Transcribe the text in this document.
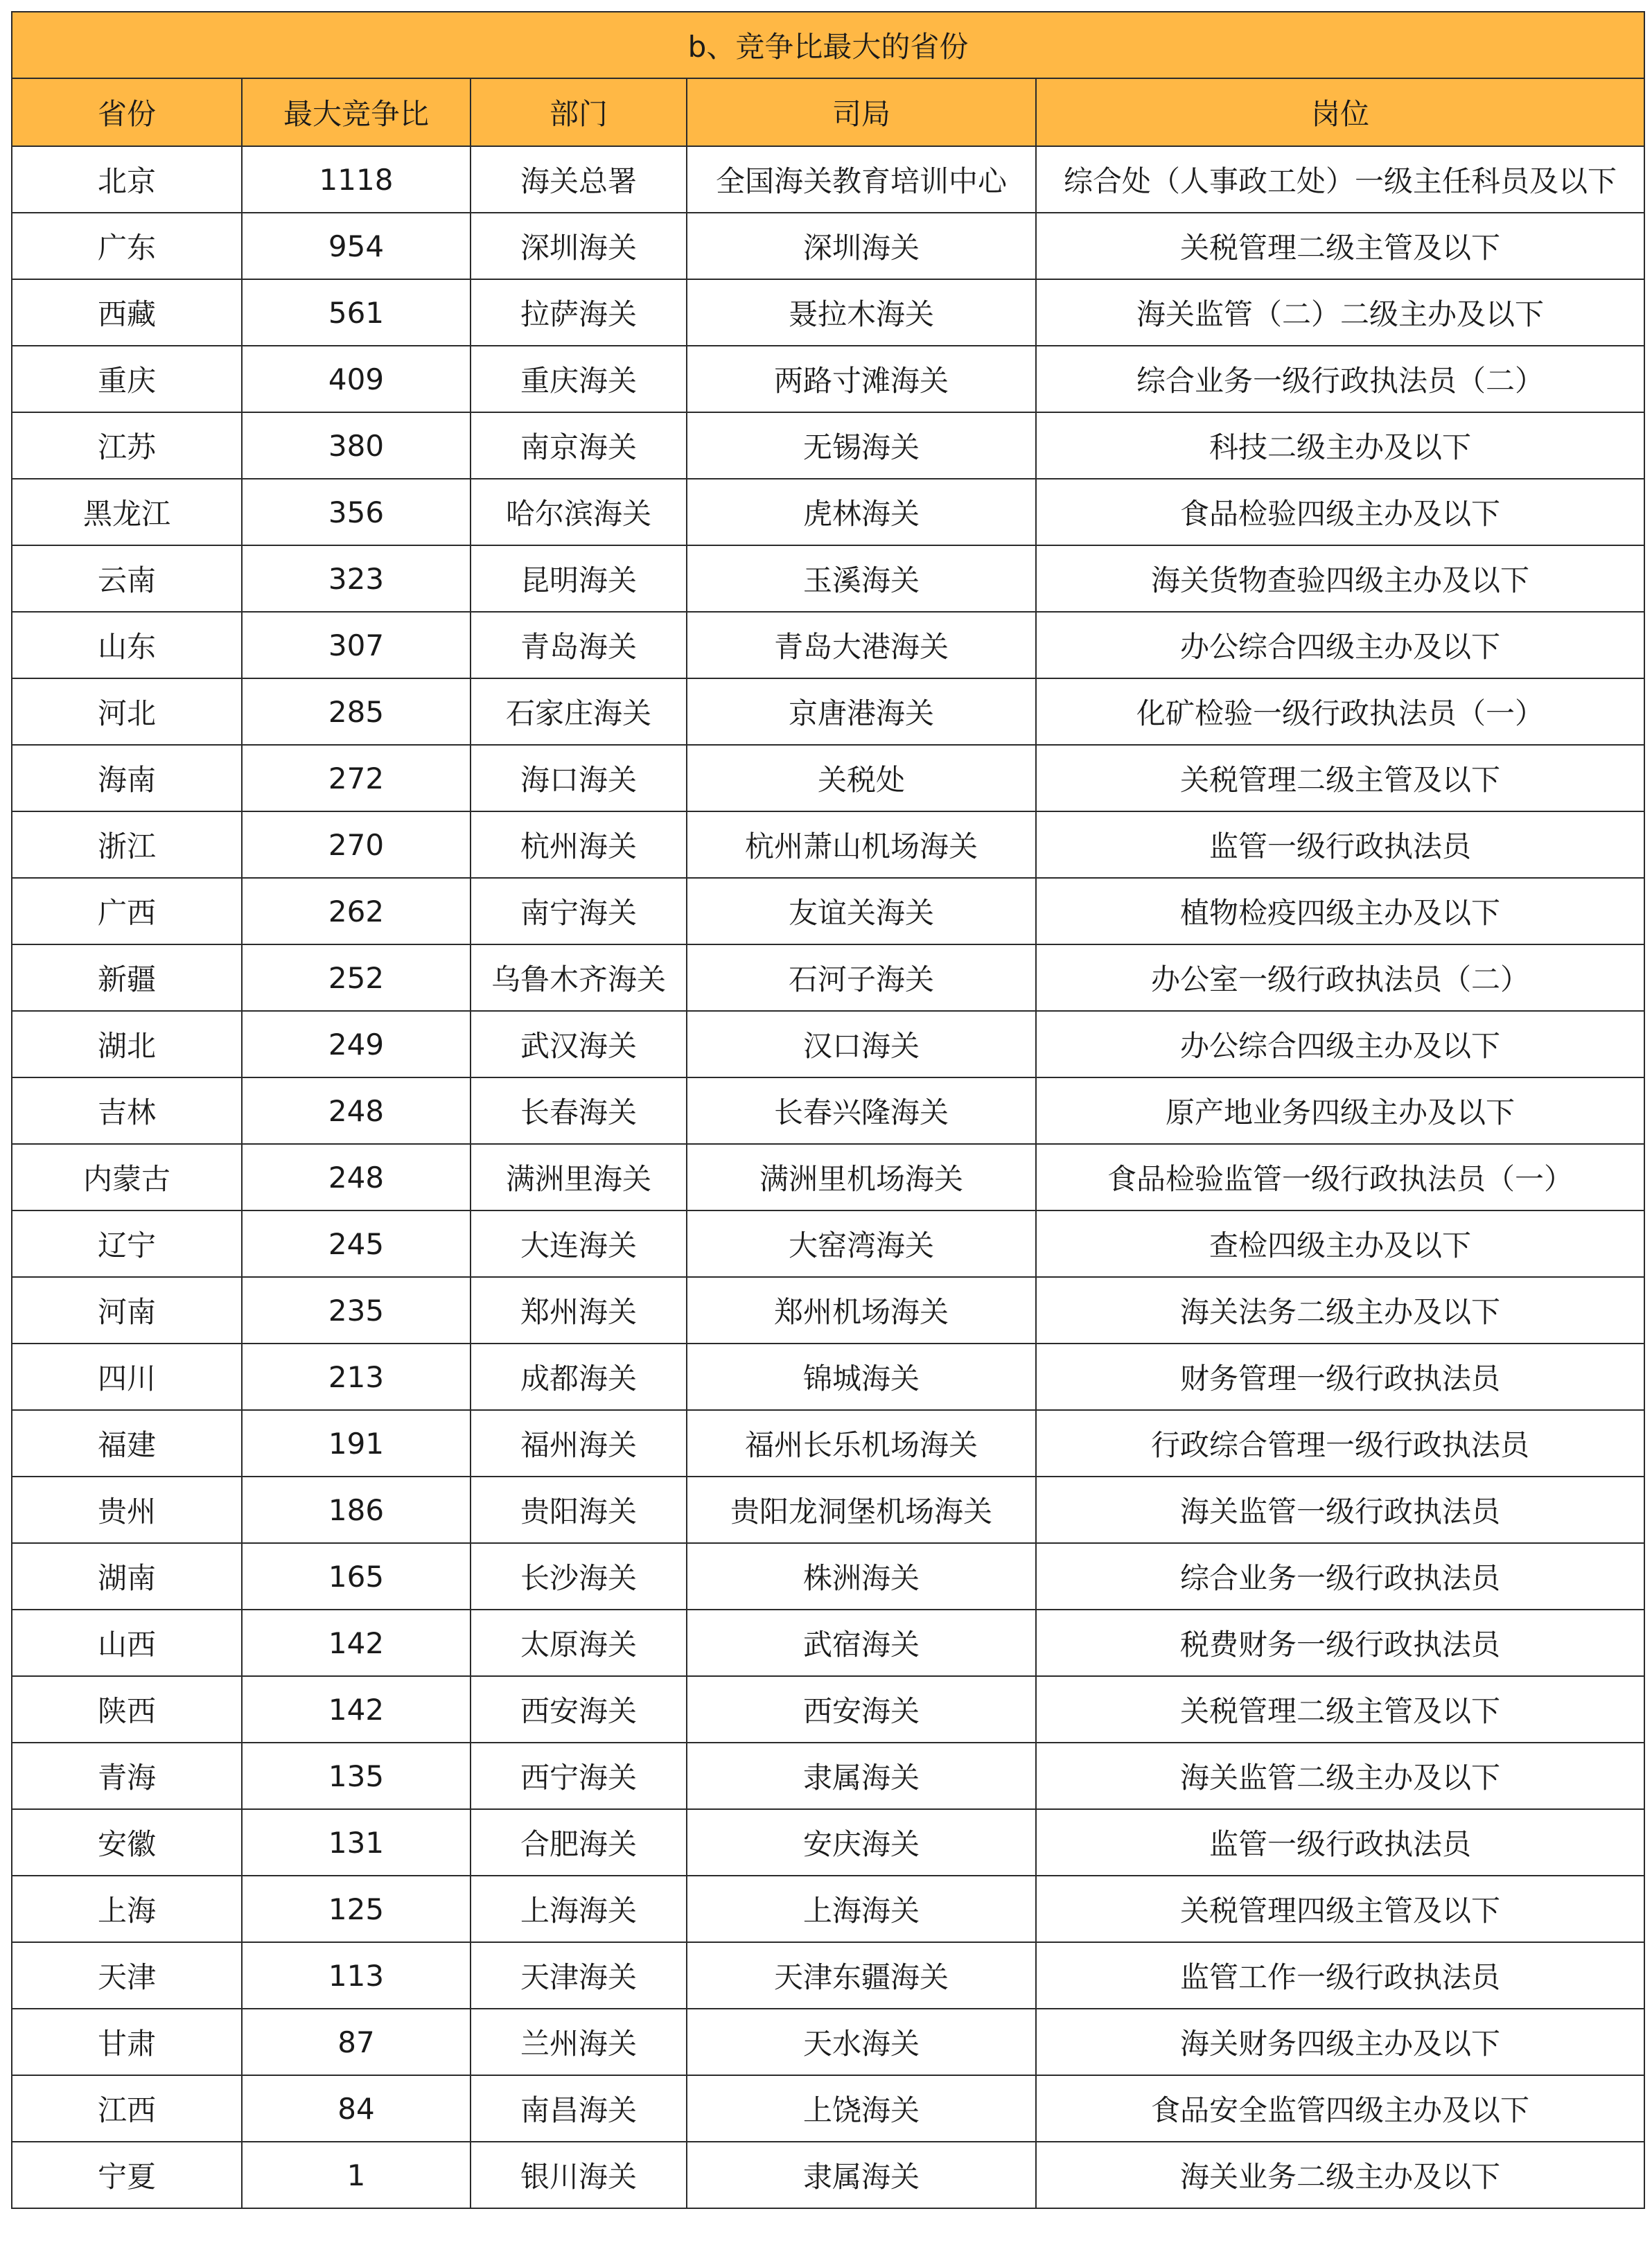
b、竞争比最大的省份				
省份	最大竞争比	部门	司局	岗位
北京	1118	海关总署	全国海关教育培训中心	综合处（人事政工处）一级主任科员及以下
广东	954	深圳海关	深圳海关	关税管理二级主管及以下
西藏	561	拉萨海关	聂拉木海关	海关监管（二）二级主办及以下
重庆	409	重庆海关	两路寸滩海关	综合业务一级行政执法员（二）
江苏	380	南京海关	无锡海关	科技二级主办及以下
黑龙江	356	哈尔滨海关	虎林海关	食品检验四级主办及以下
云南	323	昆明海关	玉溪海关	海关货物查验四级主办及以下
山东	307	青岛海关	青岛大港海关	办公综合四级主办及以下
河北	285	石家庄海关	京唐港海关	化矿检验一级行政执法员（一）
海南	272	海口海关	关税处	关税管理二级主管及以下
浙江	270	杭州海关	杭州萧山机场海关	监管一级行政执法员
广西	262	南宁海关	友谊关海关	植物检疫四级主办及以下
新疆	252	乌鲁木齐海关	石河子海关	办公室一级行政执法员（二）
湖北	249	武汉海关	汉口海关	办公综合四级主办及以下
吉林	248	长春海关	长春兴隆海关	原产地业务四级主办及以下
内蒙古	248	满洲里海关	满洲里机场海关	食品检验监管一级行政执法员（一）
辽宁	245	大连海关	大窑湾海关	查检四级主办及以下
河南	235	郑州海关	郑州机场海关	海关法务二级主办及以下
四川	213	成都海关	锦城海关	财务管理一级行政执法员
福建	191	福州海关	福州长乐机场海关	行政综合管理一级行政执法员
贵州	186	贵阳海关	贵阳龙洞堡机场海关	海关监管一级行政执法员
湖南	165	长沙海关	株洲海关	综合业务一级行政执法员
山西	142	太原海关	武宿海关	税费财务一级行政执法员
陕西	142	西安海关	西安海关	关税管理二级主管及以下
青海	135	西宁海关	隶属海关	海关监管二级主办及以下
安徽	131	合肥海关	安庆海关	监管一级行政执法员
上海	125	上海海关	上海海关	关税管理四级主管及以下
天津	113	天津海关	天津东疆海关	监管工作一级行政执法员
甘肃	87	兰州海关	天水海关	海关财务四级主办及以下
江西	84	南昌海关	上饶海关	食品安全监管四级主办及以下
宁夏	1	银川海关	隶属海关	海关业务二级主办及以下
